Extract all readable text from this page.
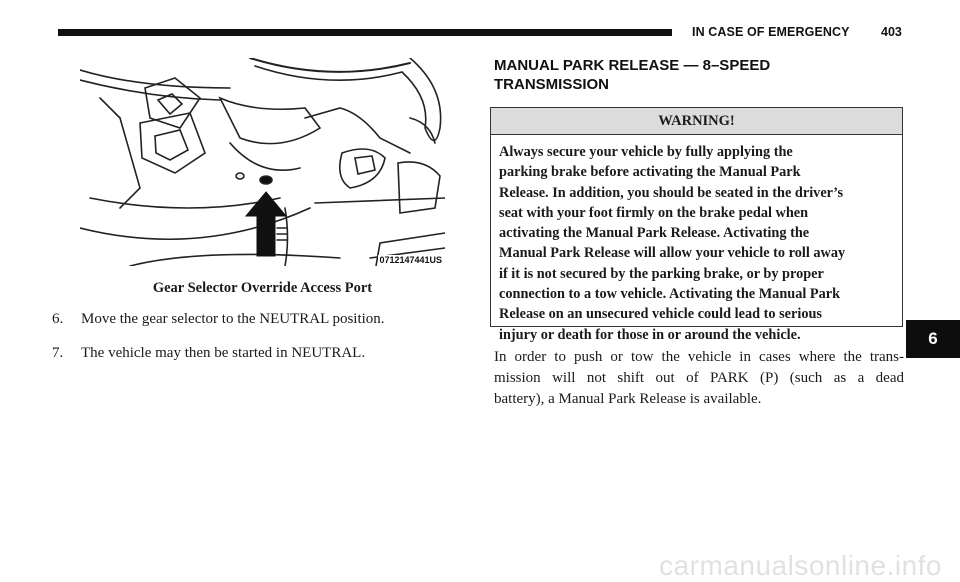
IN CASE OF EMERGENCY	403
0712147441US
Gear Selector Override Access Port
6. Move the gear selector to the NEUTRAL position.
7. The vehicle may then be started in NEUTRAL.
MANUAL PARK RELEASE — 8–SPEED
TRANSMISSION
WARNING!
Always secure your vehicle by fully applying the
parking brake before activating the Manual Park
Release. In addition, you should be seated in the driver’s
seat with your foot firmly on the brake pedal when
activating the Manual Park Release. Activating the
Manual Park Release will allow your vehicle to roll away
if it is not secured by the parking brake, or by proper
connection to a tow vehicle. Activating the Manual Park
Release on an unsecured vehicle could lead to serious
injury or death for those in or around the vehicle.
In order to push or tow the vehicle in cases where the trans-
mission will not shift out of PARK (P) (such as a dead
battery), a Manual Park Release is available.
6
carmanualsonline.info
